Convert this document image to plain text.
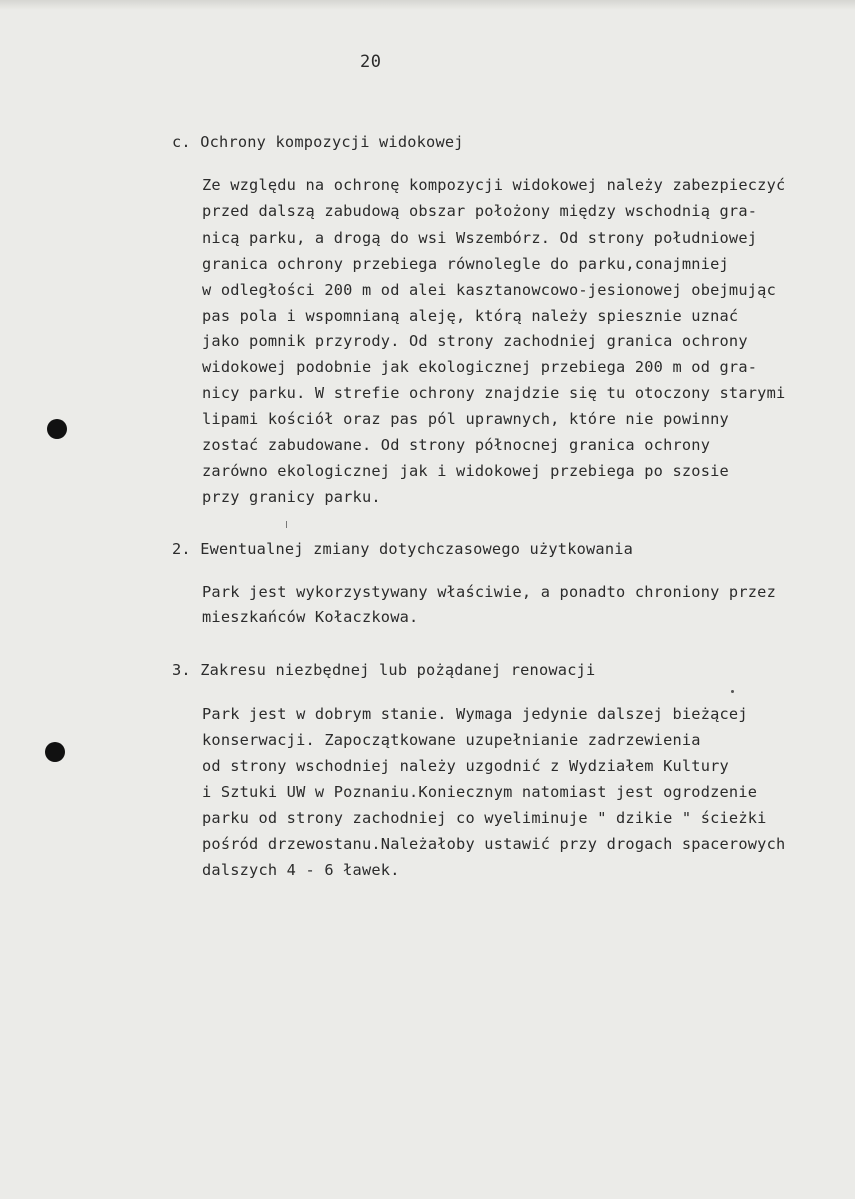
20
c. Ochrony kompozycji widokowej
Ze względu na ochronę kompozycji widokowej należy zabezpieczyć
przed dalszą zabudową obszar położony między wschodnią gra-
nicą parku, a drogą do wsi Wszembórz. Od strony południowej
granica ochrony przebiega równolegle do parku,conajmniej
w odległości 200 m od alei kasztanowcowo-jesionowej obejmując
pas pola i wspomnianą aleję, którą należy spiesznie uznać
jako pomnik przyrody. Od strony zachodniej granica ochrony
widokowej podobnie jak ekologicznej przebiega 200 m od gra-
nicy parku. W strefie ochrony znajdzie się tu otoczony starymi
lipami kościół oraz pas pól uprawnych, które nie powinny
zostać zabudowane. Od strony północnej granica ochrony
zarówno ekologicznej jak i widokowej przebiega po szosie
przy granicy parku.
2. Ewentualnej zmiany dotychczasowego użytkowania
Park jest wykorzystywany właściwie, a ponadto chroniony przez
mieszkańców Kołaczkowa.
3. Zakresu niezbędnej lub pożądanej renowacji
Park jest w dobrym stanie. Wymaga jedynie dalszej bieżącej
konserwacji. Zapoczątkowane uzupełnianie zadrzewienia
od strony wschodniej należy uzgodnić z Wydziałem Kultury
i Sztuki UW w Poznaniu.Koniecznym natomiast jest ogrodzenie
parku od strony zachodniej co wyeliminuje " dzikie " ścieżki
pośród drzewostanu.Należałoby ustawić przy drogach spacerowych
dalszych 4 - 6 ławek.
